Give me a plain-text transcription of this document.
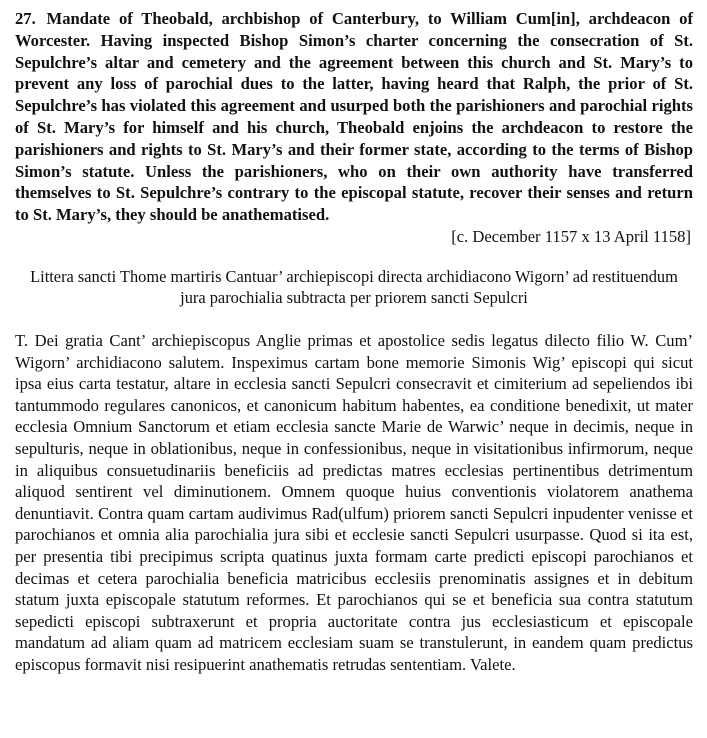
27. Mandate of Theobald, archbishop of Canterbury, to William Cum[in], archdeacon of Worcester. Having inspected Bishop Simon’s charter concerning the consecration of St. Sepulchre’s altar and cemetery and the agreement between this church and St. Mary’s to prevent any loss of parochial dues to the latter, having heard that Ralph, the prior of St. Sepulchre’s has violated this agreement and usurped both the parishioners and parochial rights of St. Mary’s for himself and his church, Theobald enjoins the archdeacon to restore the parishioners and rights to St. Mary’s and their former state, according to the terms of Bishop Simon’s statute. Unless the parishioners, who on their own authority have transferred themselves to St. Sepulchre’s contrary to the episcopal statute, recover their senses and return to St. Mary’s, they should be anathematised.

[c. December 1157 x 13 April 1158]

Littera sancti Thome martiris Cantuar’ archiepiscopi directa archidiacono Wigorn’ ad restituendum jura parochialia subtracta per priorem sancti Sepulcri

T. Dei gratia Cant’ archiepiscopus Anglie primas et apostolice sedis legatus dilecto filio W. Cum’ Wigorn’ archidiacono salutem. Inspeximus cartam bone memorie Simonis Wig’ episcopi qui sicut ipsa eius carta testatur, altare in ecclesia sancti Sepulcri consecravit et cimiterium ad sepeliendos ibi tantummodo regulares canonicos, et canonicum habitum habentes, ea conditione benedixit, ut mater ecclesia Omnium Sanctorum et etiam ecclesia sancte Marie de Warwic’ neque in decimis, neque in sepulturis, neque in oblationibus, neque in confessionibus, neque in visitationibus infirmorum, neque in aliquibus consuetudinariis beneficiis ad predictas matres ecclesias pertinentibus detrimentum aliquod sentirent vel diminutionem. Omnem quoque huius conventionis violatorem anathema denuntiavit. Contra quam cartam audivimus Rad(ulfum) priorem sancti Sepulcri inpudenter venisse et parochianos et omnia alia parochialia jura sibi et ecclesie sancti Sepulcri usurpasse. Quod si ita est, per presentia tibi precipimus scripta quatinus juxta formam carte predicti episcopi parochianos et decimas et cetera parochialia beneficia matricibus ecclesiis prenominatis assignes et in debitum statum juxta episcopale statutum reformes. Et parochianos qui se et beneficia sua contra statutum sepedicti episcopi subtraxerunt et propria auctoritate contra jus ecclesiasticum et episcopale mandatum ad aliam quam ad matricem ecclesiam suam se transtulerunt, in eandem quam predictus episcopus formavit nisi resipuerint anathematis retrudas sententiam. Valete.
